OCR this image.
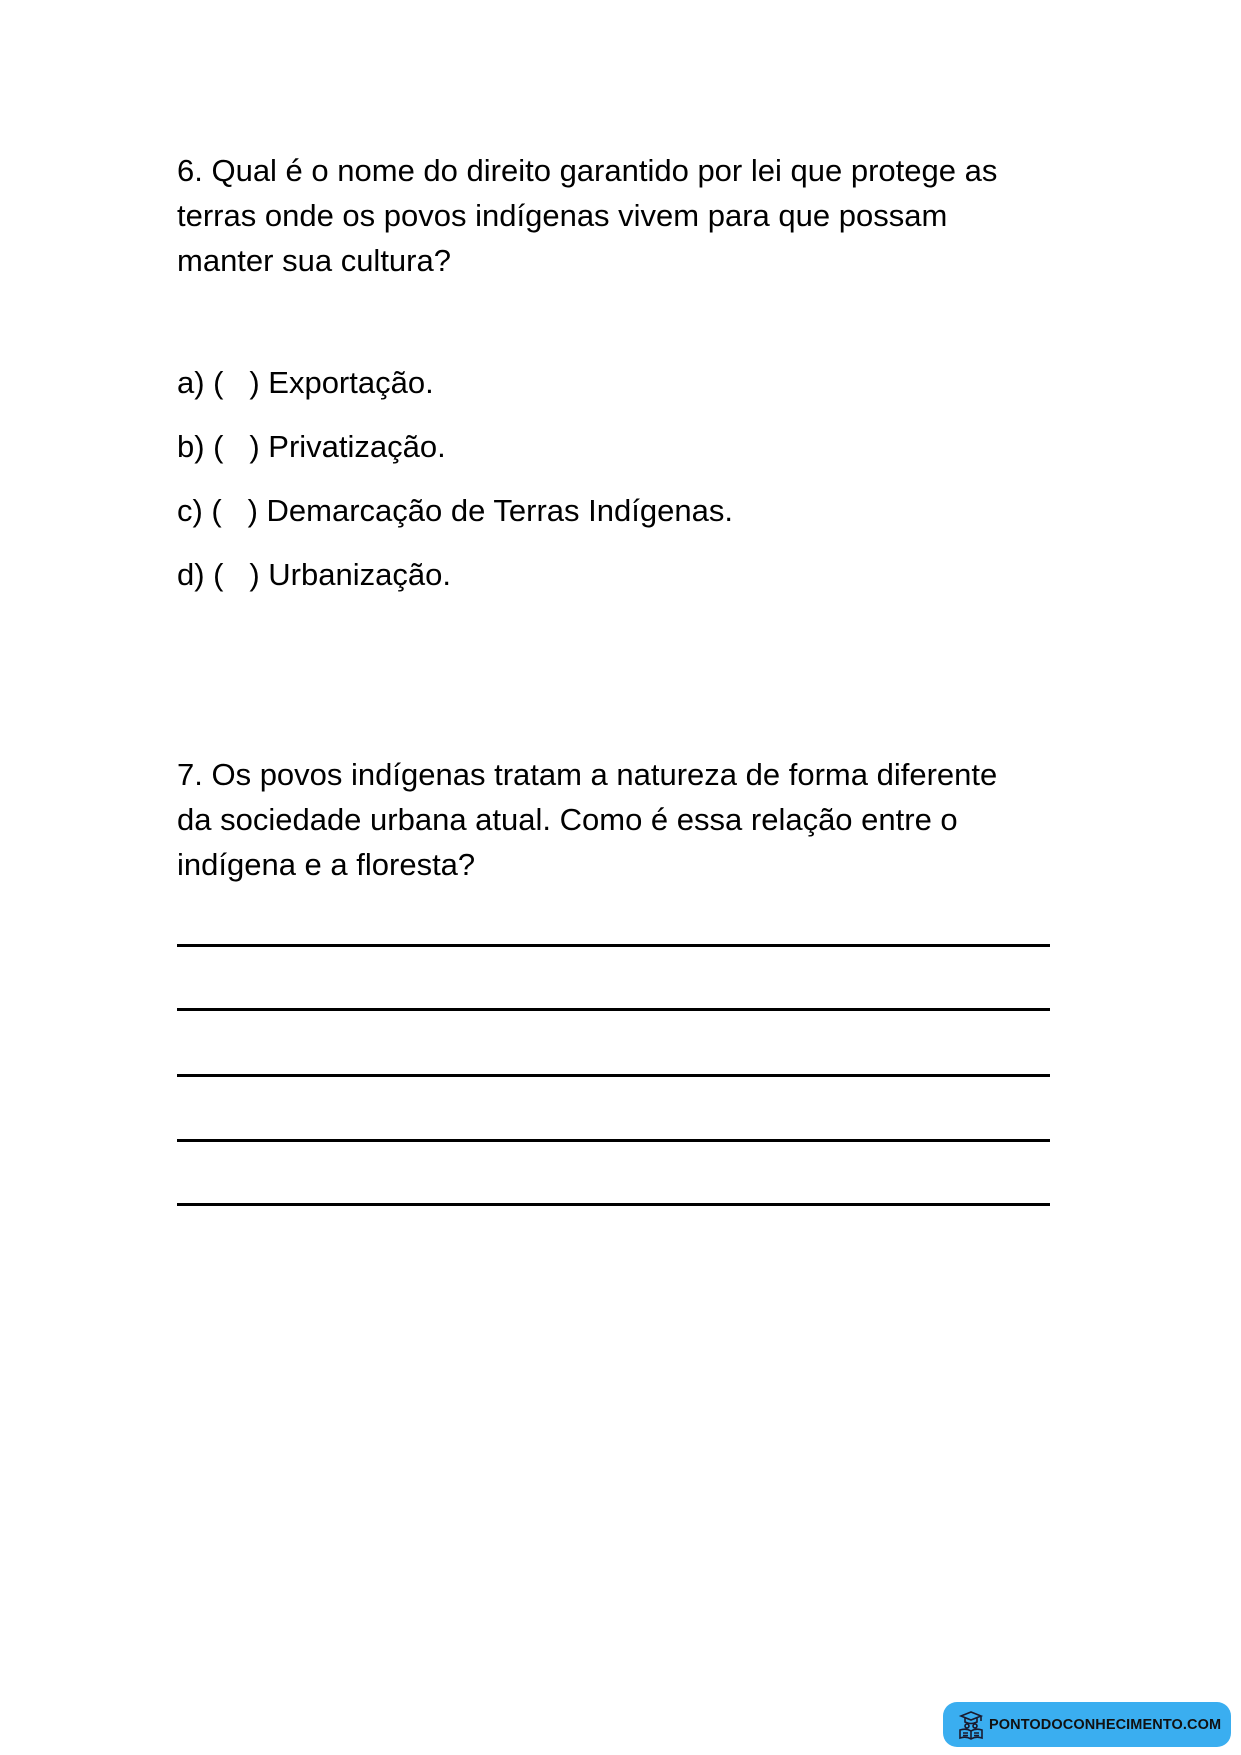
6. Qual é o nome do direito garantido por lei que protege as
terras onde os povos indígenas vivem para que possam
manter sua cultura?
a) (   ) Exportação.
b) (   ) Privatização.
c) (   ) Demarcação de Terras Indígenas.
d) (   ) Urbanização.
7. Os povos indígenas tratam a natureza de forma diferente
da sociedade urbana atual. Como é essa relação entre o
indígena e a floresta?
PONTODOCONHECIMENTO.COM
